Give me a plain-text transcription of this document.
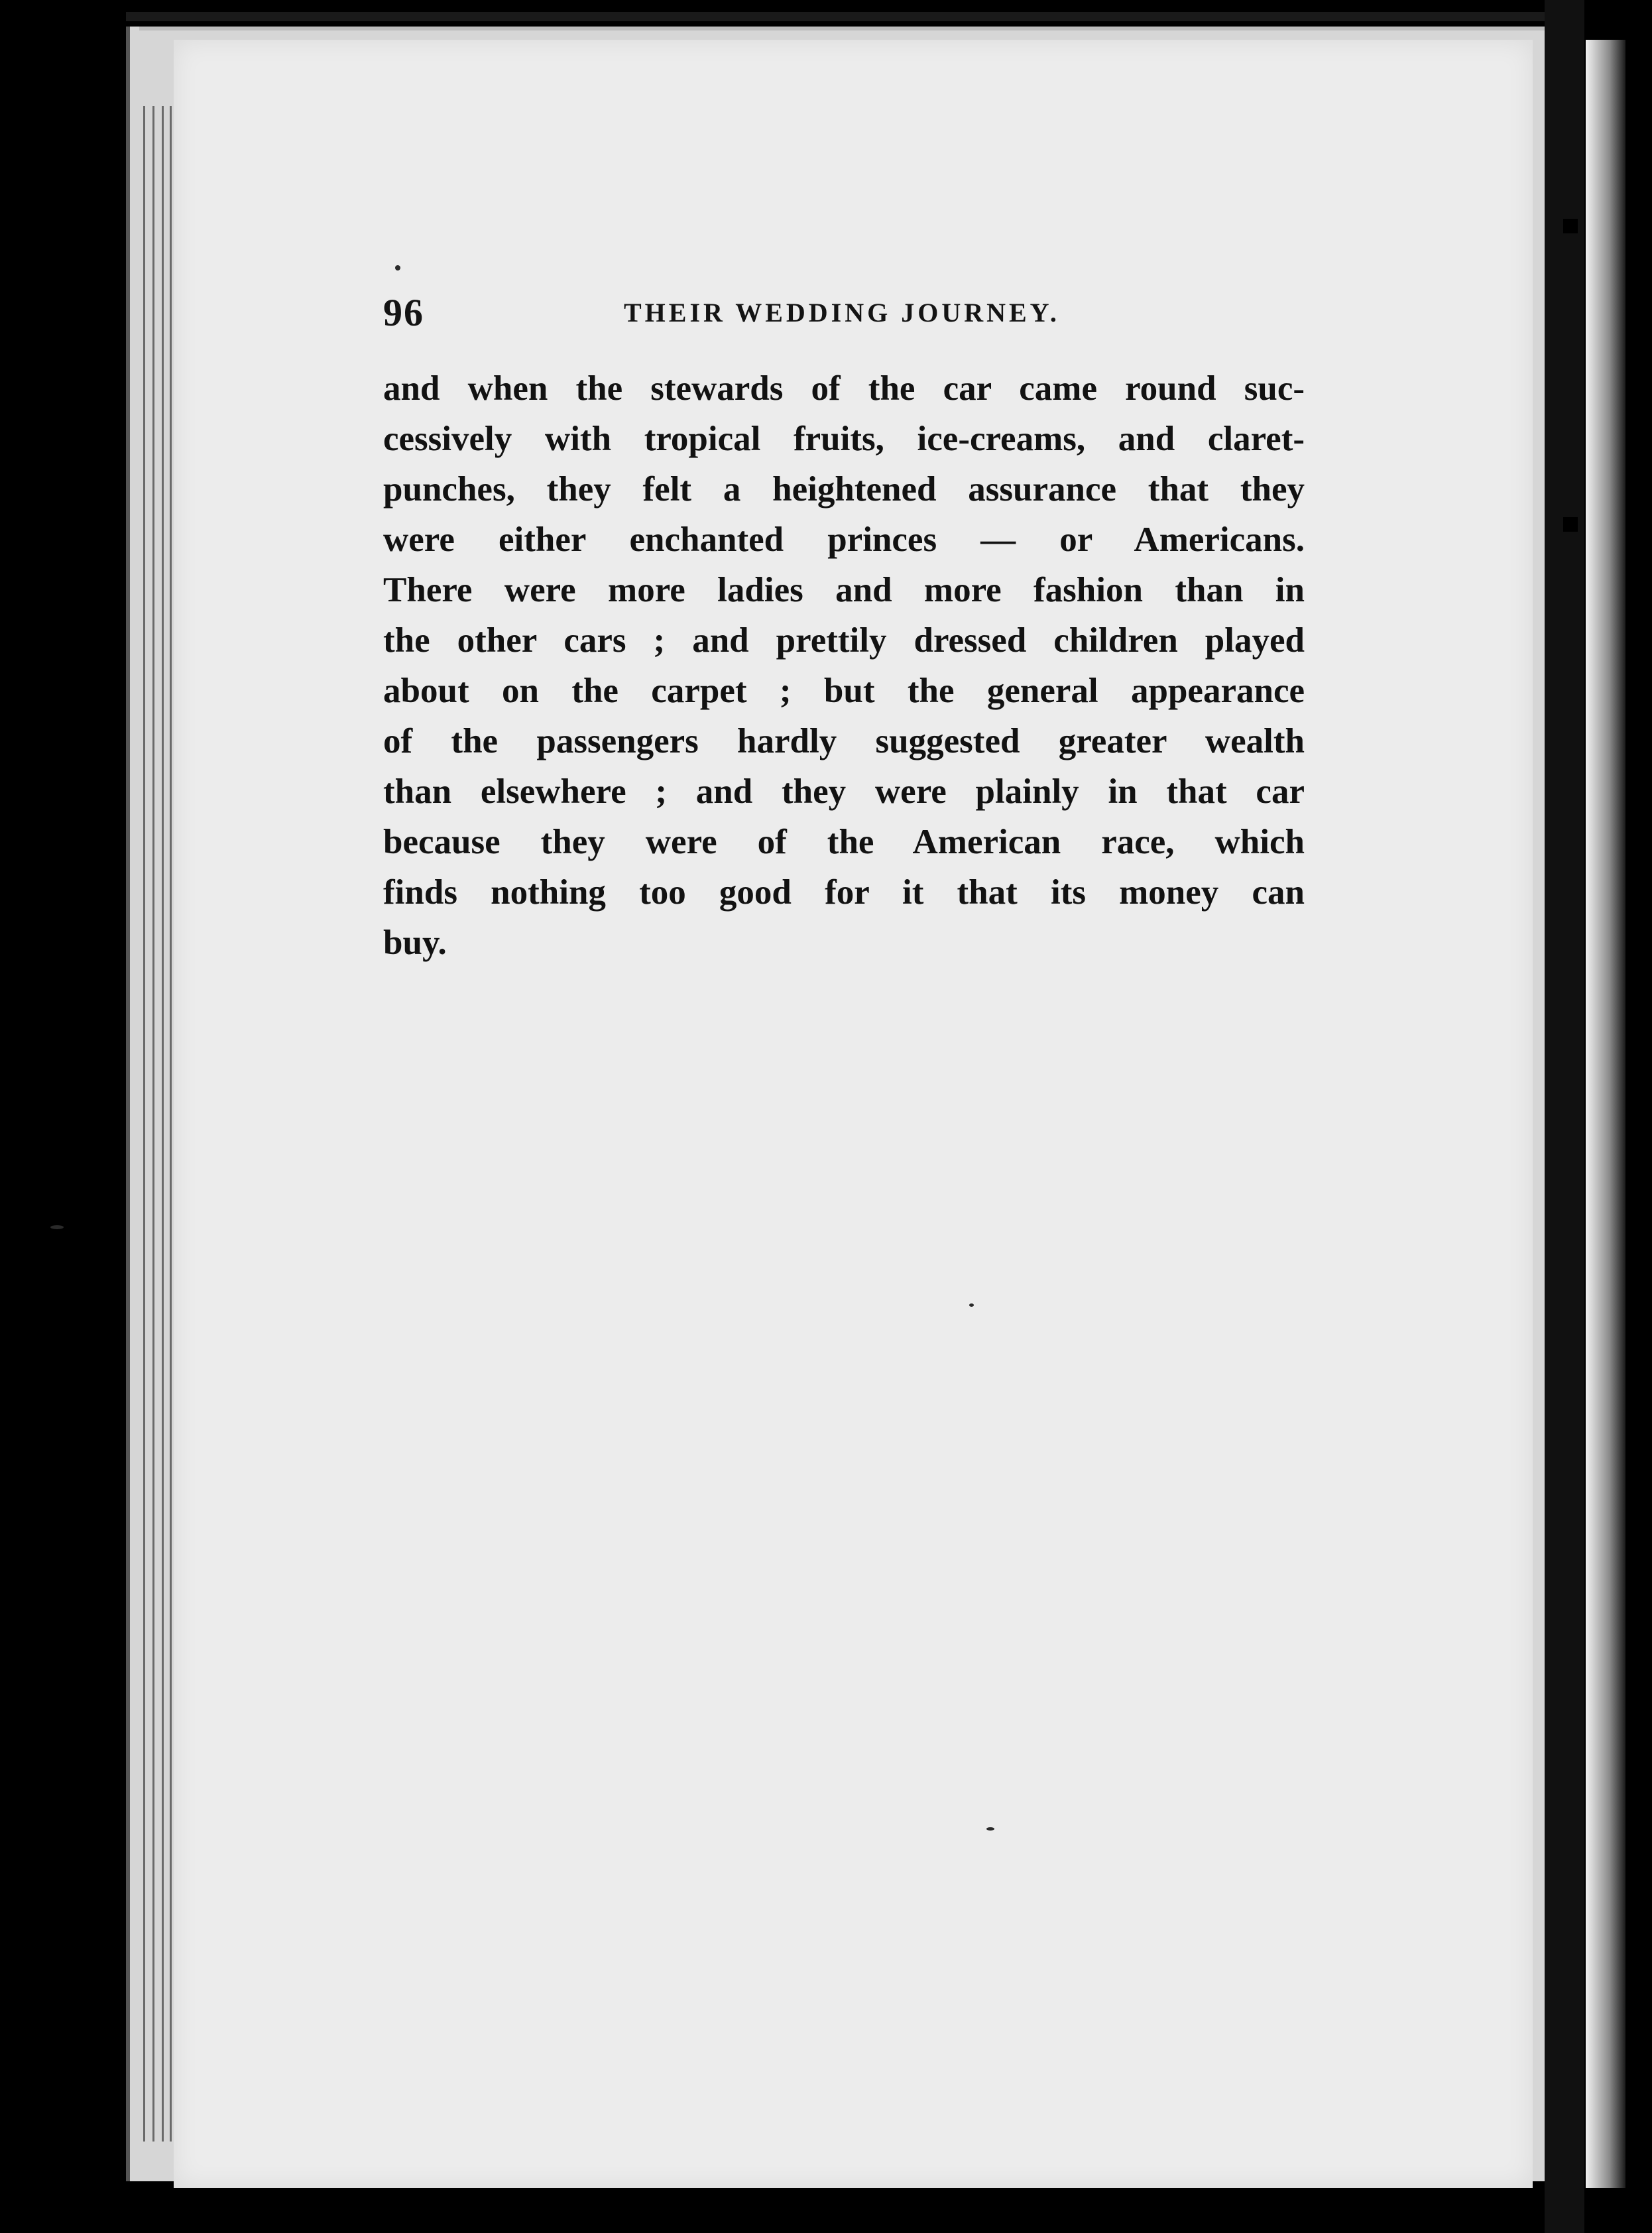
96	THEIR WEDDING JOURNEY.
and when the stewards of the car came round suc-
cessively with tropical fruits, ice-creams, and claret-
punches, they felt a heightened assurance that they
were either enchanted princes — or Americans.
There were more ladies and more fashion than in
the other cars ; and prettily dressed children played
about on the carpet ; but the general appearance
of the passengers hardly suggested greater wealth
than elsewhere ; and they were plainly in that car
because they were of the American race, which
finds nothing too good for it that its money can
buy.
